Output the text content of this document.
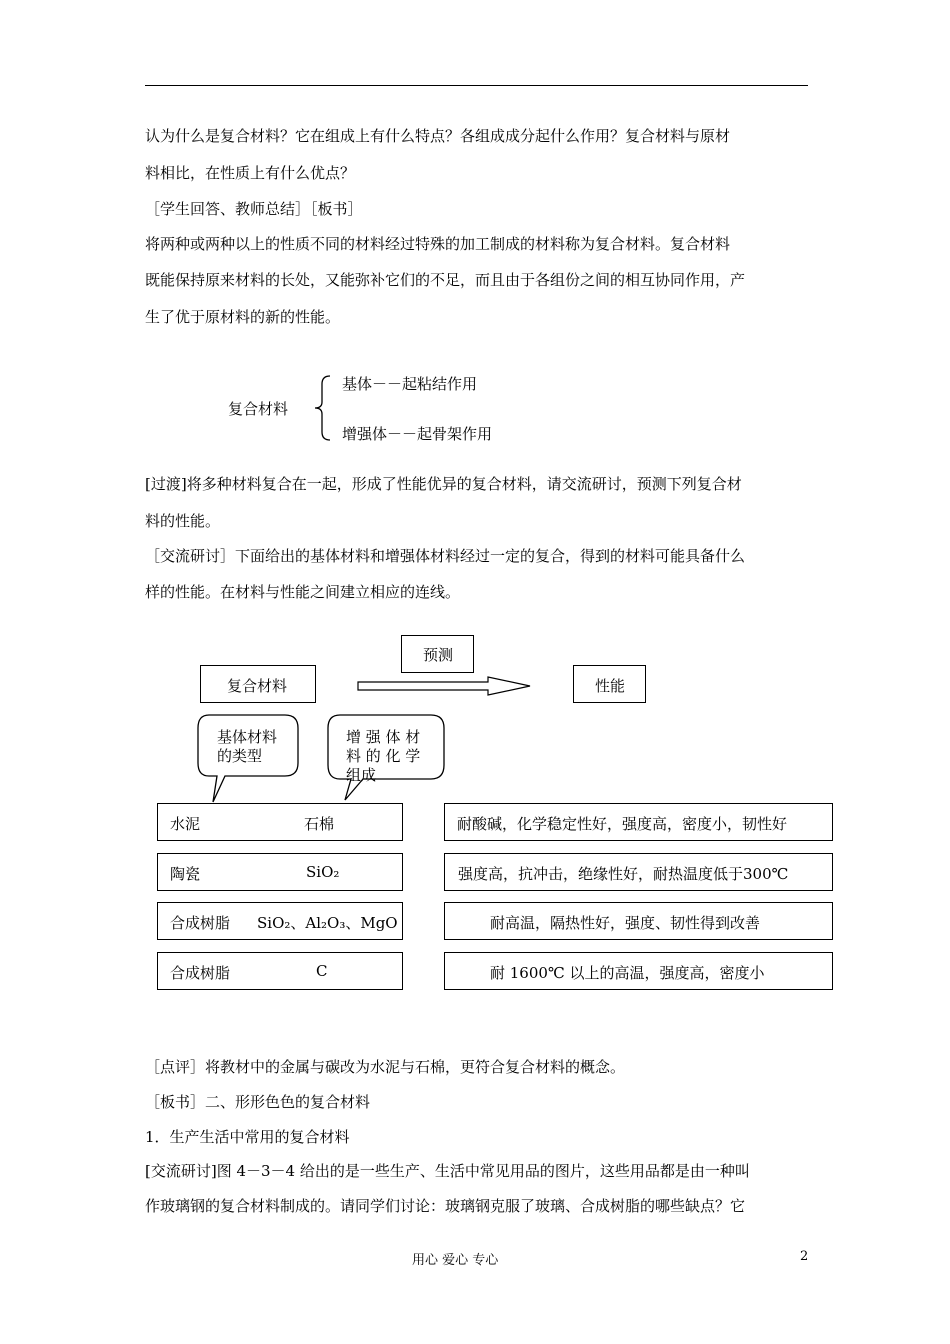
认为什么是复合材料？它在组成上有什么特点？各组成成分起什么作用？复合材料与原材
料相比，在性质上有什么优点？
［学生回答、教师总结］［板书］
将两种或两种以上的性质不同的材料经过特殊的加工制成的材料称为复合材料。复合材料
既能保持原来材料的长处，又能弥补它们的不足，而且由于各组份之间的相互协同作用，产
生了优于原材料的新的性能。
复合材料
基体－－起粘结作用
增强体－－起骨架作用
[过渡]将多种材料复合在一起，形成了性能优异的复合材料，请交流研讨，预测下列复合材
料的性能。
［交流研讨］下面给出的基体材料和增强体材料经过一定的复合，得到的材料可能具备什么
样的性能。在材料与性能之间建立相应的连线。
预测
复合材料	性能
基体材料
的类型
增 强 体 材
料 的 化 学
组成
水泥	石棉
陶瓷	SiO₂
合成树脂 SiO₂、Al₂O₃、MgO
合成树脂	C
耐酸碱，化学稳定性好，强度高，密度小，韧性好
强度高，抗冲击，绝缘性好，耐热温度低于300℃
耐高温，隔热性好，强度、韧性得到改善
耐 1600℃ 以上的高温，强度高，密度小
［点评］将教材中的金属与碳改为水泥与石棉，更符合复合材料的概念。
［板书］二、形形色色的复合材料
1．生产生活中常用的复合材料
[交流研讨]图 4－3－4 给出的是一些生产、生活中常见用品的图片，这些用品都是由一种叫
作玻璃钢的复合材料制成的。请同学们讨论：玻璃钢克服了玻璃、合成树脂的哪些缺点？它
用心 爱心 专心	2
